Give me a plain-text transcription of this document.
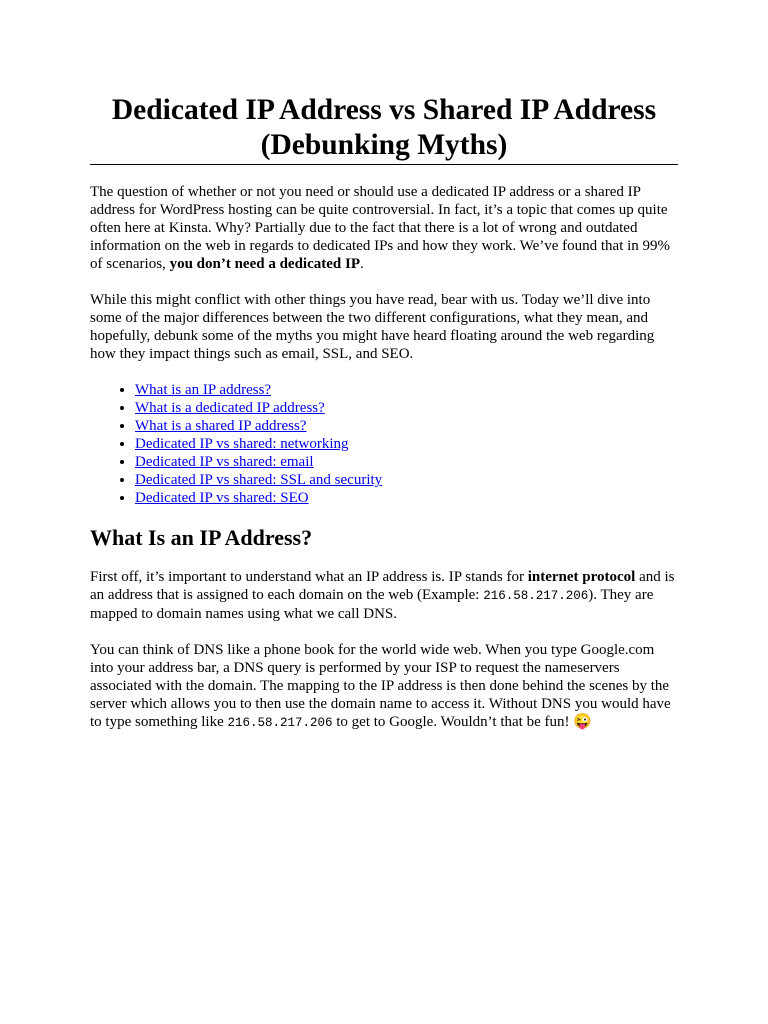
Dedicated IP Address vs Shared IP Address (Debunking Myths)

The question of whether or not you need or should use a dedicated IP address or a shared IP address for WordPress hosting can be quite controversial. In fact, it’s a topic that comes up quite often here at Kinsta. Why? Partially due to the fact that there is a lot of wrong and outdated information on the web in regards to dedicated IPs and how they work. We’ve found that in 99% of scenarios, you don’t need a dedicated IP.

While this might conflict with other things you have read, bear with us. Today we’ll dive into some of the major differences between the two different configurations, what they mean, and hopefully, debunk some of the myths you might have heard floating around the web regarding how they impact things such as email, SSL, and SEO.

• What is an IP address?
• What is a dedicated IP address?
• What is a shared IP address?
• Dedicated IP vs shared: networking
• Dedicated IP vs shared: email
• Dedicated IP vs shared: SSL and security
• Dedicated IP vs shared: SEO
What Is an IP Address?

First off, it’s important to understand what an IP address is. IP stands for internet protocol and is an address that is assigned to each domain on the web (Example: 216.58.217.206). They are mapped to domain names using what we call DNS.

You can think of DNS like a phone book for the world wide web. When you type Google.com into your address bar, a DNS query is performed by your ISP to request the nameservers associated with the domain. The mapping to the IP address is then done behind the scenes by the server which allows you to then use the domain name to access it. Without DNS you would have to type something like 216.58.217.206 to get to Google. Wouldn’t that be fun! 😜
